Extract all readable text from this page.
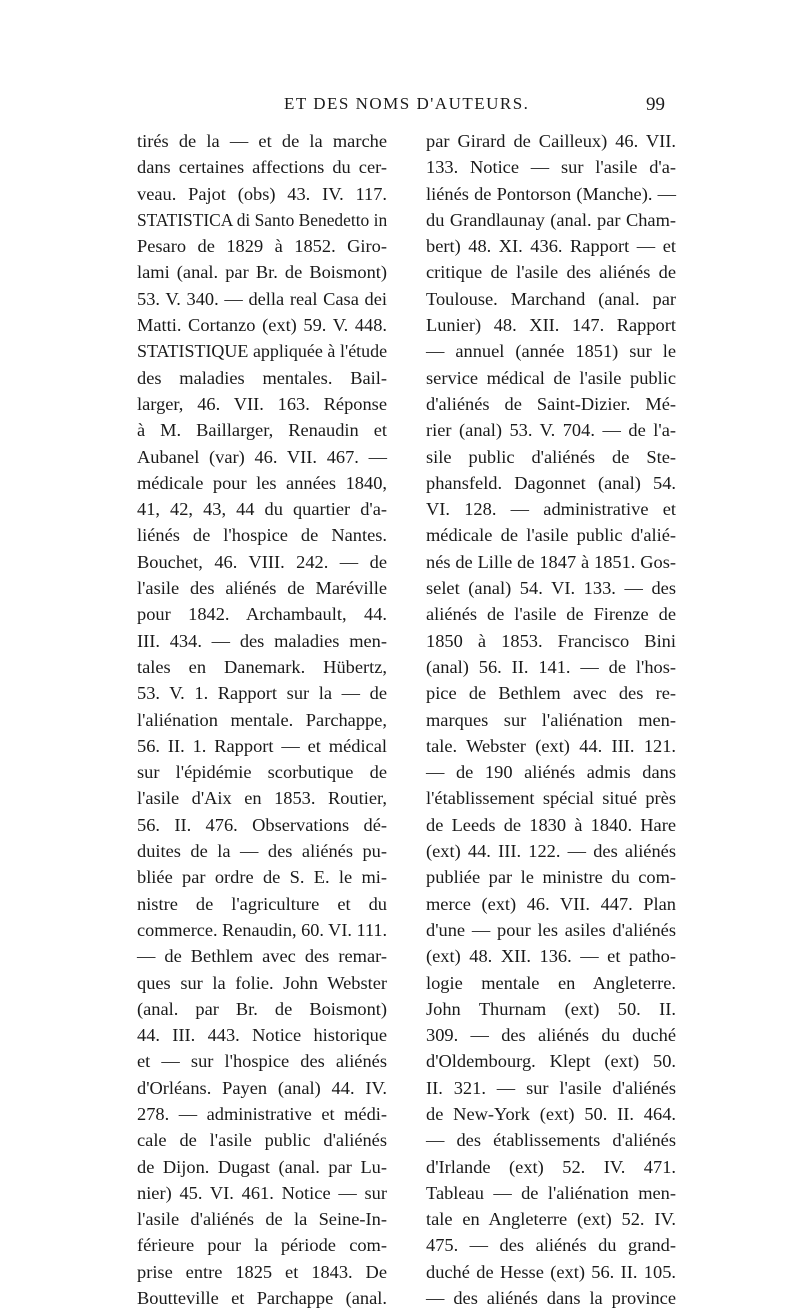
ET DES NOMS D'AUTEURS.	99
tirés de la — et de la marche
dans certaines affections du cer-
veau. Pajot (obs) 43. IV. 117.
STATISTICA di Santo Benedetto in
Pesaro de 1829 à 1852. Giro-
lami (anal. par Br. de Boismont)
53. V. 340. — della real Casa dei
Matti. Cortanzo (ext) 59. V. 448.
STATISTIQUE appliquée à l'étude
des maladies mentales. Bail-
larger, 46. VII. 163. Réponse
à M. Baillarger, Renaudin et
Aubanel (var) 46. VII. 467. —
médicale pour les années 1840,
41, 42, 43, 44 du quartier d'a-
liénés de l'hospice de Nantes.
Bouchet, 46. VIII. 242. — de
l'asile des aliénés de Maréville
pour 1842. Archambault, 44.
III. 434. — des maladies men-
tales en Danemark. Hübertz,
53. V. 1. Rapport sur la — de
l'aliénation mentale. Parchappe,
56. II. 1. Rapport — et médical
sur l'épidémie scorbutique de
l'asile d'Aix en 1853. Routier,
56. II. 476. Observations dé-
duites de la — des aliénés pu-
bliée par ordre de S. E. le mi-
nistre de l'agriculture et du
commerce. Renaudin, 60. VI. 111.
— de Bethlem avec des remar-
ques sur la folie. John Webster
(anal. par Br. de Boismont)
44. III. 443. Notice historique
et — sur l'hospice des aliénés
d'Orléans. Payen (anal) 44. IV.
278. — administrative et médi-
cale de l'asile public d'aliénés
de Dijon. Dugast (anal. par Lu-
nier) 45. VI. 461. Notice — sur
l'asile d'aliénés de la Seine-In-
férieure pour la période com-
prise entre 1825 et 1843. De
Boutteville et Parchappe (anal.
par Girard de Cailleux) 46. VII.
133. Notice — sur l'asile d'a-
liénés de Pontorson (Manche). —
du Grandlaunay (anal. par Cham-
bert) 48. XI. 436. Rapport — et
critique de l'asile des aliénés de
Toulouse. Marchand (anal. par
Lunier) 48. XII. 147. Rapport
— annuel (année 1851) sur le
service médical de l'asile public
d'aliénés de Saint-Dizier. Mé-
rier (anal) 53. V. 704. — de l'a-
sile public d'aliénés de Ste-
phansfeld. Dagonnet (anal) 54.
VI. 128. — administrative et
médicale de l'asile public d'alié-
nés de Lille de 1847 à 1851. Gos-
selet (anal) 54. VI. 133. — des
aliénés de l'asile de Firenze de
1850 à 1853. Francisco Bini
(anal) 56. II. 141. — de l'hos-
pice de Bethlem avec des re-
marques sur l'aliénation men-
tale. Webster (ext) 44. III. 121.
— de 190 aliénés admis dans
l'établissement spécial situé près
de Leeds de 1830 à 1840. Hare
(ext) 44. III. 122. — des aliénés
publiée par le ministre du com-
merce (ext) 46. VII. 447. Plan
d'une — pour les asiles d'aliénés
(ext) 48. XII. 136. — et patho-
logie mentale en Angleterre.
John Thurnam (ext) 50. II.
309. — des aliénés du duché
d'Oldembourg. Klept (ext) 50.
II. 321. — sur l'asile d'aliénés
de New-York (ext) 50. II. 464.
— des établissements d'aliénés
d'Irlande (ext) 52. IV. 471.
Tableau — de l'aliénation men-
tale en Angleterre (ext) 52. IV.
475. — des aliénés du grand-
duché de Hesse (ext) 56. II. 105.
— des aliénés dans la province
